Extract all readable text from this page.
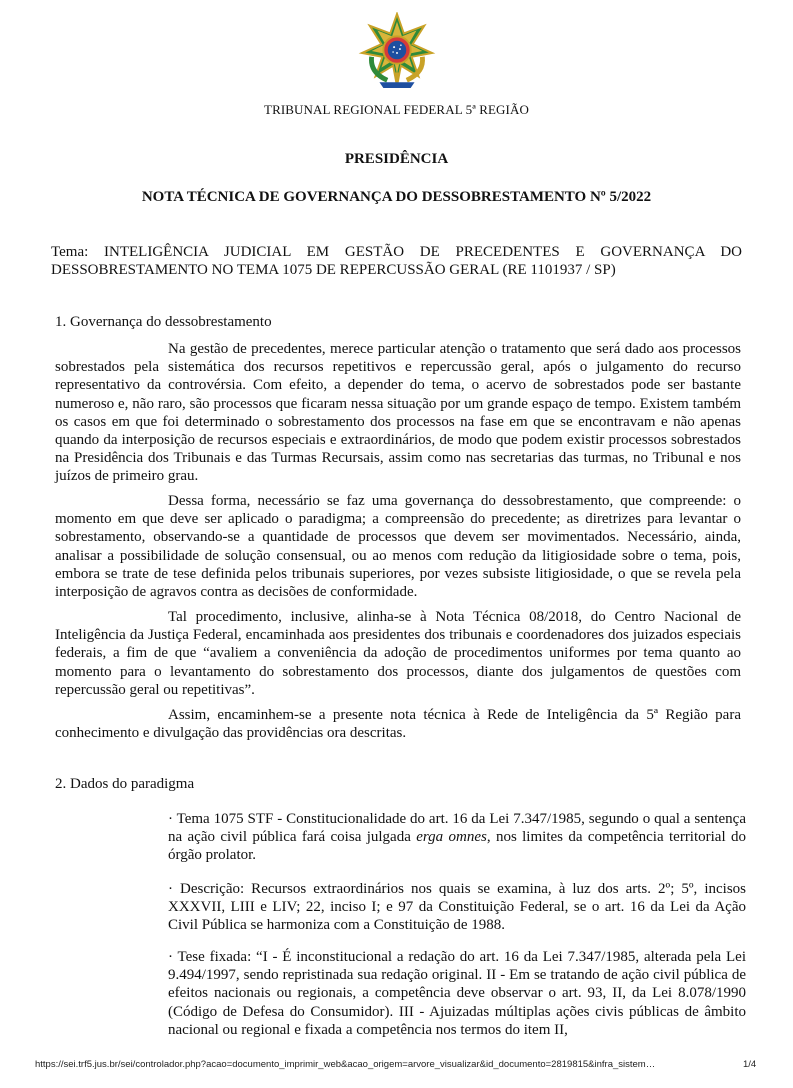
TRIBUNAL REGIONAL FEDERAL 5ª REGIÃO
PRESIDÊNCIA
NOTA TÉCNICA DE GOVERNANÇA DO DESSOBRESTAMENTO Nº 5/2022
Tema: INTELIGÊNCIA JUDICIAL EM GESTÃO DE PRECEDENTES E GOVERNANÇA DO DESSOBRESTAMENTO NO TEMA 1075 DE REPERCUSSÃO GERAL (RE 1101937 / SP)
1. Governança do dessobrestamento
Na gestão de precedentes, merece particular atenção o tratamento que será dado aos processos sobrestados pela sistemática dos recursos repetitivos e repercussão geral, após o julgamento do recurso representativo da controvérsia. Com efeito, a depender do tema, o acervo de sobrestados pode ser bastante numeroso e, não raro, são processos que ficaram nessa situação por um grande espaço de tempo. Existem também os casos em que foi determinado o sobrestamento dos processos na fase em que se encontravam e não apenas quando da interposição de recursos especiais e extraordinários, de modo que podem existir processos sobrestados na Presidência dos Tribunais e das Turmas Recursais, assim como nas secretarias das turmas, no Tribunal e nos juízos de primeiro grau.
Dessa forma, necessário se faz uma governança do dessobrestamento, que compreende: o momento em que deve ser aplicado o paradigma; a compreensão do precedente; as diretrizes para levantar o sobrestamento, observando-se a quantidade de processos que devem ser movimentados. Necessário, ainda, analisar a possibilidade de solução consensual, ou ao menos com redução da litigiosidade sobre o tema, pois, embora se trate de tese definida pelos tribunais superiores, por vezes subsiste litigiosidade, o que se revela pela interposição de agravos contra as decisões de conformidade.
Tal procedimento, inclusive, alinha-se à Nota Técnica 08/2018, do Centro Nacional de Inteligência da Justiça Federal, encaminhada aos presidentes dos tribunais e coordenadores dos juizados especiais federais, a fim de que “avaliem a conveniência da adoção de procedimentos uniformes por tema quanto ao momento para o levantamento do sobrestamento dos processos, diante dos julgamentos de questões com repercussão geral ou repetitivas”.
Assim, encaminhem-se a presente nota técnica à Rede de Inteligência da 5ª Região para conhecimento e divulgação das providências ora descritas.
2. Dados do paradigma
· Tema 1075 STF - Constitucionalidade do art. 16 da Lei 7.347/1985, segundo o qual a sentença na ação civil pública fará coisa julgada erga omnes, nos limites da competência territorial do órgão prolator.
· Descrição: Recursos extraordinários nos quais se examina, à luz dos arts. 2º; 5º, incisos XXXVII, LIII e LIV; 22, inciso I; e 97 da Constituição Federal, se o art. 16 da Lei da Ação Civil Pública se harmoniza com a Constituição de 1988.
· Tese fixada: “I - É inconstitucional a redação do art. 16 da Lei 7.347/1985, alterada pela Lei 9.494/1997, sendo repristinada sua redação original. II - Em se tratando de ação civil pública de efeitos nacionais ou regionais, a competência deve observar o art. 93, II, da Lei 8.078/1990 (Código de Defesa do Consumidor). III - Ajuizadas múltiplas ações civis públicas de âmbito nacional ou regional e fixada a competência nos termos do item II,
https://sei.trf5.jus.br/sei/controlador.php?acao=documento_imprimir_web&acao_origem=arvore_visualizar&id_documento=2819815&infra_sistem…	1/4
